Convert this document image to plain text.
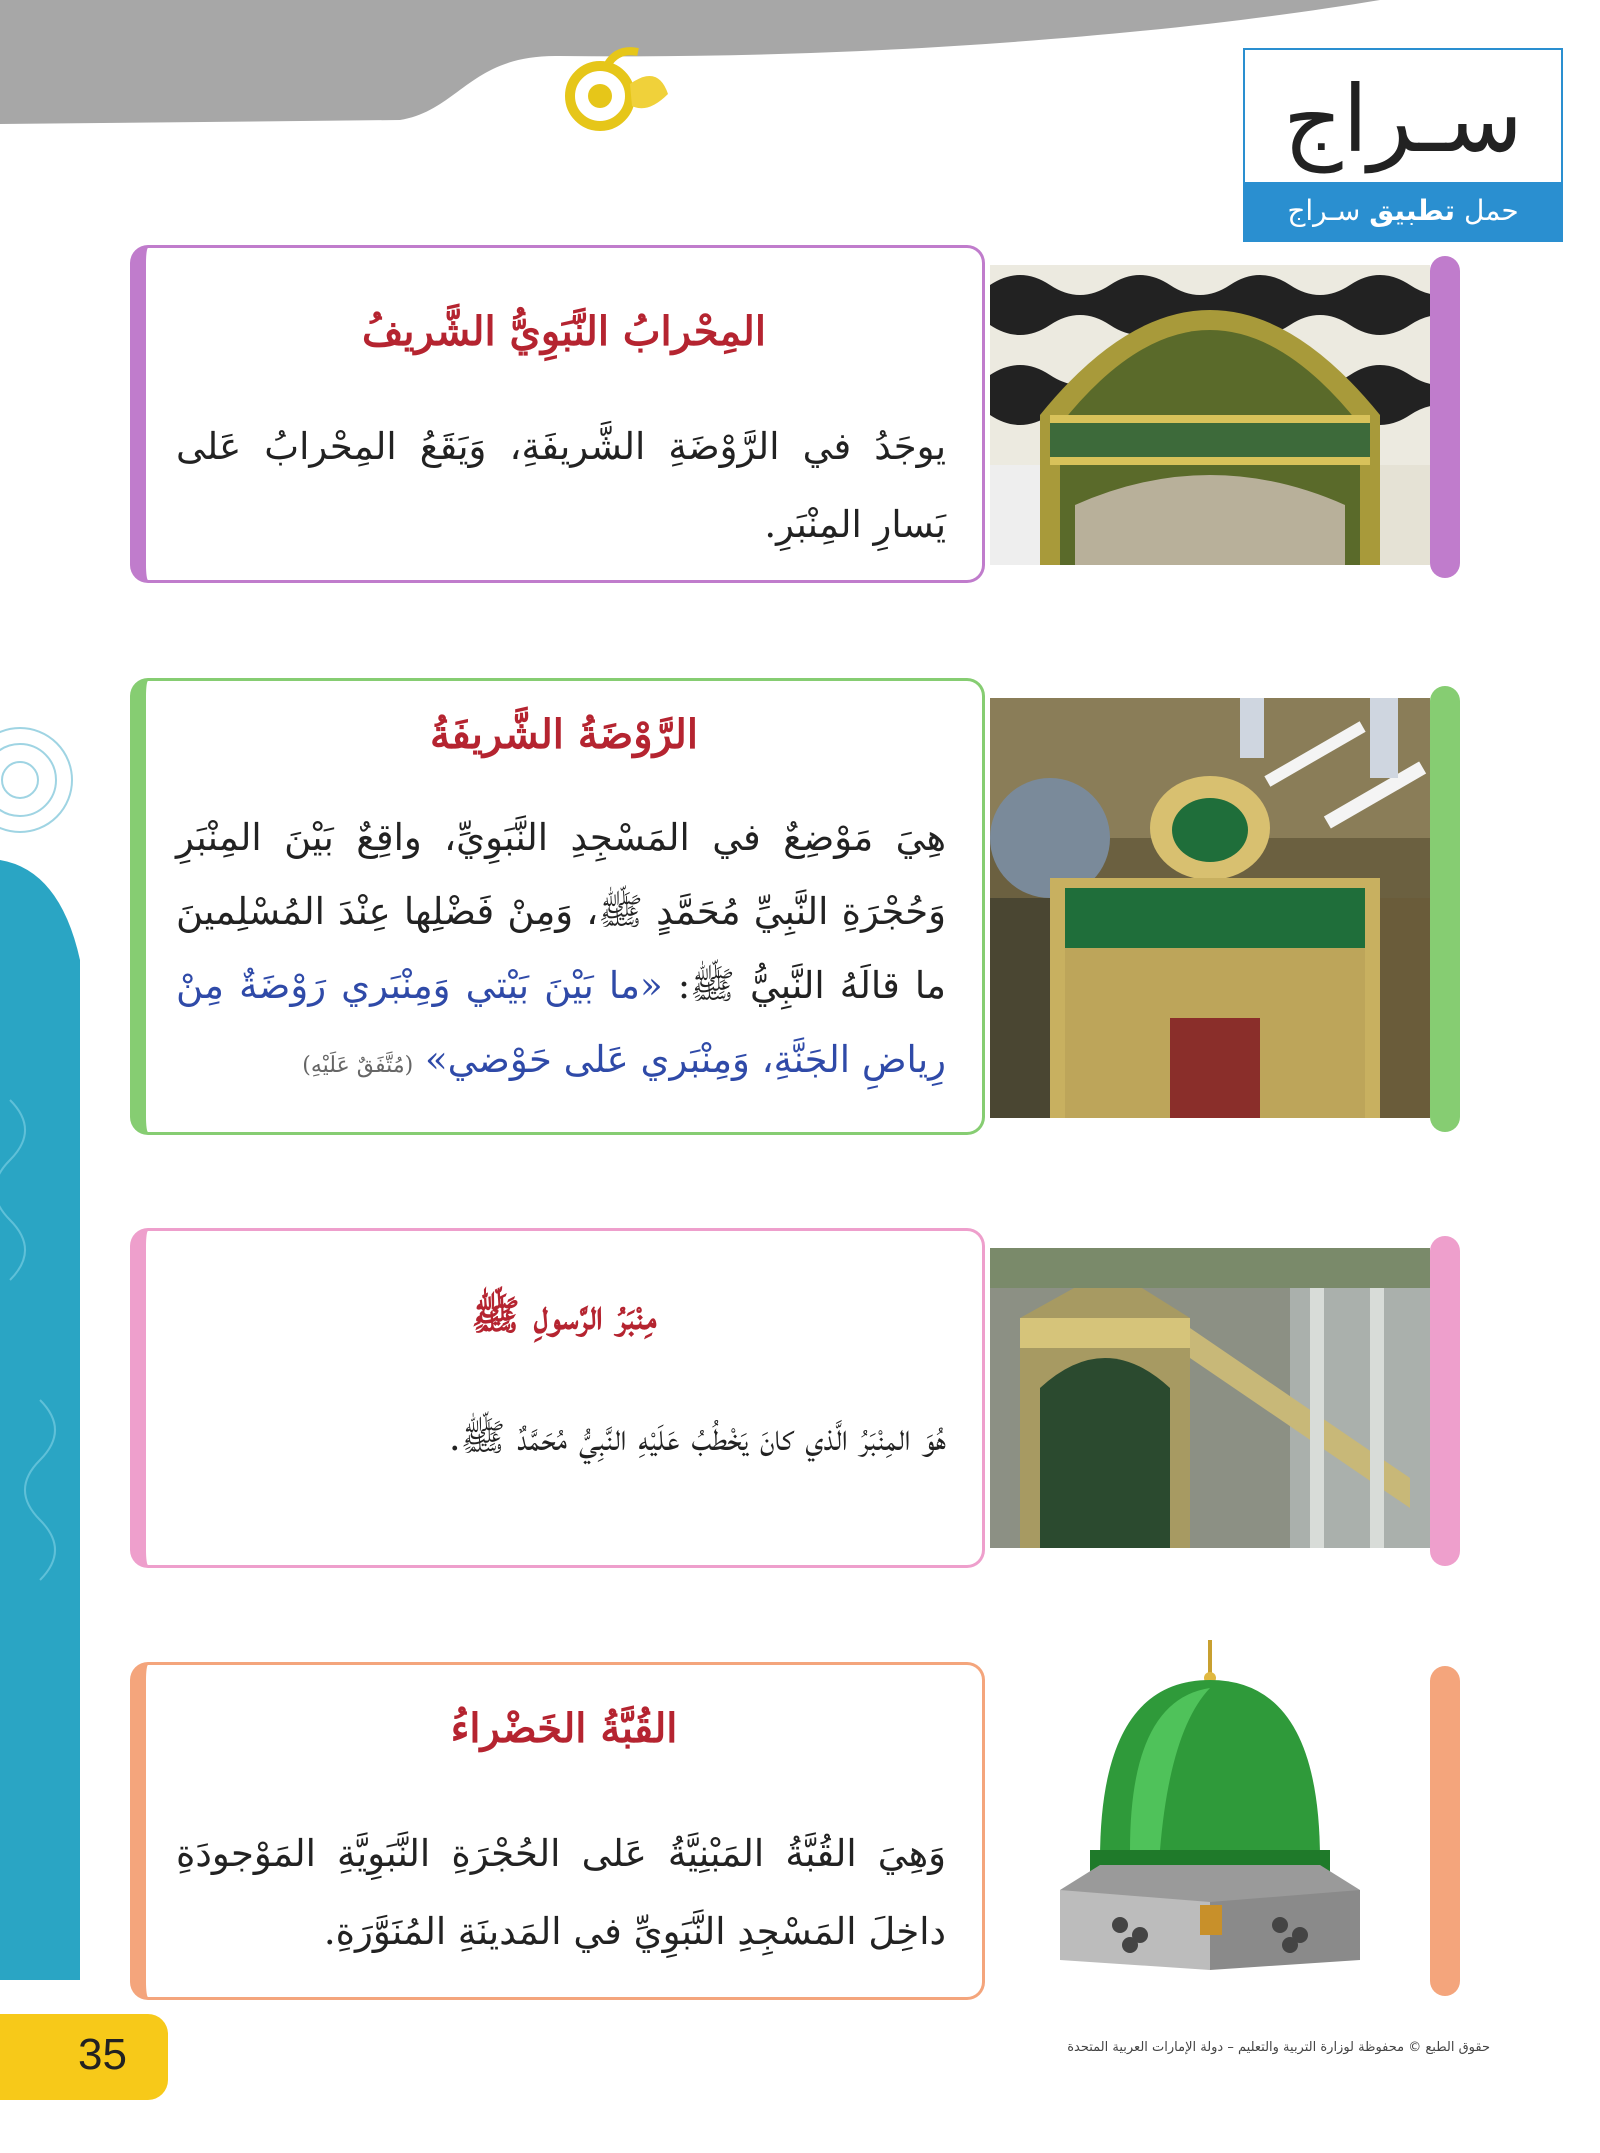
سـراج
حمل تطبيق سـراج
المِحْرابُ النَّبَوِيُّ الشَّريفُ
يوجَدُ في الرَّوْضَةِ الشَّريفَةِ، وَيَقَعُ المِحْرابُ عَلى يَسارِ المِنْبَرِ.
الرَّوْضَةُ الشَّريفَةُ
هِيَ مَوْضِعٌ في المَسْجِدِ النَّبَوِيِّ، واقِعٌ بَيْنَ المِنْبَرِ وَحُجْرَةِ النَّبِيِّ مُحَمَّدٍ ﷺ، وَمِنْ فَضْلِها عِنْدَ المُسْلِمينَ ما قالَهُ النَّبِيُّ ﷺ: «ما بَيْنَ بَيْتي وَمِنْبَري رَوْضَةٌ مِنْ رِياضِ الجَنَّةِ، وَمِنْبَري عَلى حَوْضي» (مُتَّفَقٌ عَلَيْهِ)
مِنْبَرُ الرَّسولِ ﷺ
هُوَ المِنْبَرُ الَّذي كانَ يَخْطُبُ عَلَيْهِ النَّبِيُّ مُحَمَّدٌ ﷺ.
القُبَّةُ الخَضْراءُ
وَهِيَ القُبَّةُ المَبْنِيَّةُ عَلى الحُجْرَةِ النَّبَوِيَّةِ المَوْجودَةِ داخِلَ المَسْجِدِ النَّبَوِيِّ في المَدينَةِ المُنَوَّرَةِ.
35	حقوق الطبع © محفوظة لوزارة التربية والتعليم – دولة الإمارات العربية المتحدة
